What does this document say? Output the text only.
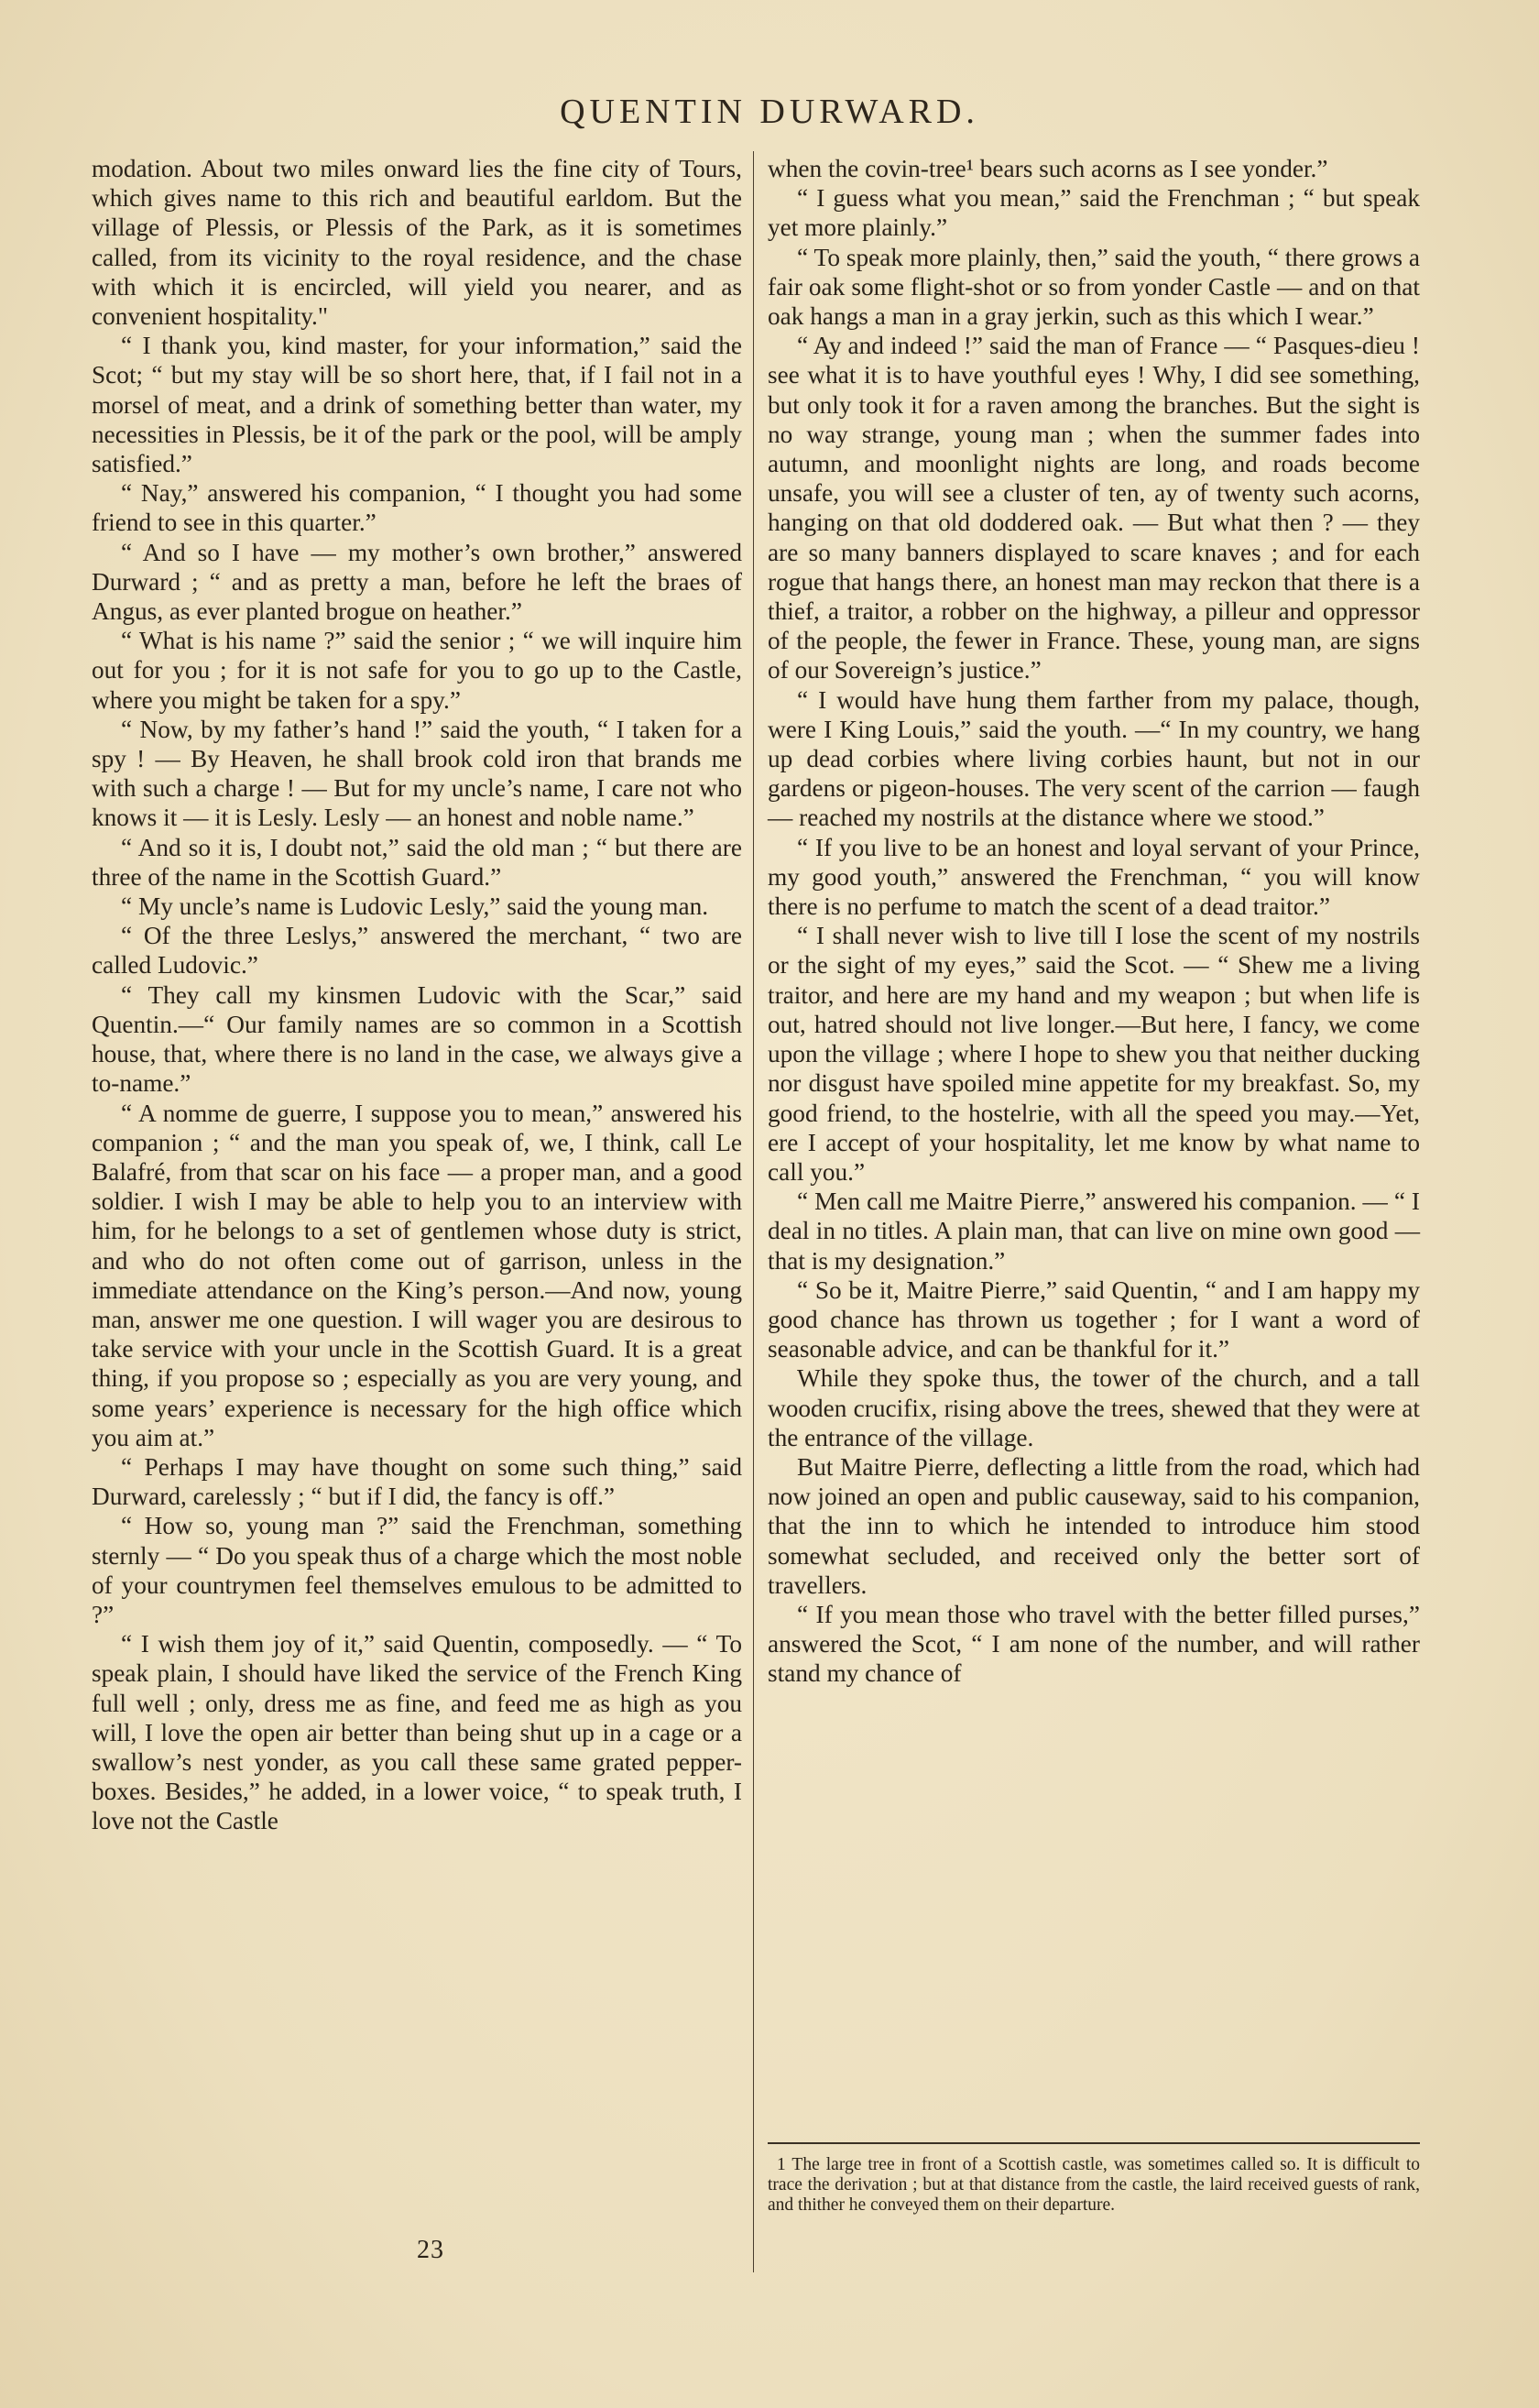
QUENTIN DURWARD.

modation. About two miles onward lies the fine city of Tours, which gives name to this rich and beautiful earldom. But the village of Plessis, or Plessis of the Park, as it is sometimes called, from its vicinity to the royal residence, and the chase with which it is encircled, will yield you nearer, and as convenient hospitality."

“ I thank you, kind master, for your information,” said the Scot; “ but my stay will be so short here, that, if I fail not in a morsel of meat, and a drink of something better than water, my necessities in Plessis, be it of the park or the pool, will be amply satisfied.”

“ Nay,” answered his companion, “ I thought you had some friend to see in this quarter.”

“ And so I have — my mother’s own brother,” answered Durward ; “ and as pretty a man, before he left the braes of Angus, as ever planted brogue on heather.”

“ What is his name ?” said the senior ; “ we will inquire him out for you ; for it is not safe for you to go up to the Castle, where you might be taken for a spy.”

“ Now, by my father’s hand !” said the youth, “ I taken for a spy ! — By Heaven, he shall brook cold iron that brands me with such a charge ! — But for my uncle’s name, I care not who knows it — it is Lesly. Lesly — an honest and noble name.”

“ And so it is, I doubt not,” said the old man ; “ but there are three of the name in the Scottish Guard.”

“ My uncle’s name is Ludovic Lesly,” said the young man.

“ Of the three Leslys,” answered the merchant, “ two are called Ludovic.”

“ They call my kinsmen Ludovic with the Scar,” said Quentin.—“ Our family names are so common in a Scottish house, that, where there is no land in the case, we always give a to-name.”

“ A nomme de guerre, I suppose you to mean,” answered his companion ; “ and the man you speak of, we, I think, call Le Balafré, from that scar on his face — a proper man, and a good soldier. I wish I may be able to help you to an interview with him, for he belongs to a set of gentlemen whose duty is strict, and who do not often come out of garrison, unless in the immediate attendance on the King’s person.—And now, young man, answer me one question. I will wager you are desirous to take service with your uncle in the Scottish Guard. It is a great thing, if you propose so ; especially as you are very young, and some years’ experience is necessary for the high office which you aim at.”

“ Perhaps I may have thought on some such thing,” said Durward, carelessly ; “ but if I did, the fancy is off.”

“ How so, young man ?” said the Frenchman, something sternly — “ Do you speak thus of a charge which the most noble of your countrymen feel themselves emulous to be admitted to ?”

“ I wish them joy of it,” said Quentin, composedly. — “ To speak plain, I should have liked the service of the French King full well ; only, dress me as fine, and feed me as high as you will, I love the open air better than being shut up in a cage or a swallow’s nest yonder, as you call these same grated pepper-boxes. Besides,” he added, in a lower voice, “ to speak truth, I love not the Castle

when the covin-tree¹ bears such acorns as I see yonder.”

“ I guess what you mean,” said the Frenchman ; “ but speak yet more plainly.”

“ To speak more plainly, then,” said the youth, “ there grows a fair oak some flight-shot or so from yonder Castle — and on that oak hangs a man in a gray jerkin, such as this which I wear.”

“ Ay and indeed !” said the man of France — “ Pasques-dieu ! see what it is to have youthful eyes ! Why, I did see something, but only took it for a raven among the branches. But the sight is no way strange, young man ; when the summer fades into autumn, and moonlight nights are long, and roads become unsafe, you will see a cluster of ten, ay of twenty such acorns, hanging on that old doddered oak. — But what then ? — they are so many banners displayed to scare knaves ; and for each rogue that hangs there, an honest man may reckon that there is a thief, a traitor, a robber on the highway, a pilleur and oppressor of the people, the fewer in France. These, young man, are signs of our Sovereign’s justice.”

“ I would have hung them farther from my palace, though, were I King Louis,” said the youth. —“ In my country, we hang up dead corbies where living corbies haunt, but not in our gardens or pigeon-houses. The very scent of the carrion — faugh — reached my nostrils at the distance where we stood.”

“ If you live to be an honest and loyal servant of your Prince, my good youth,” answered the Frenchman, “ you will know there is no perfume to match the scent of a dead traitor.”

“ I shall never wish to live till I lose the scent of my nostrils or the sight of my eyes,” said the Scot. — “ Shew me a living traitor, and here are my hand and my weapon ; but when life is out, hatred should not live longer.—But here, I fancy, we come upon the village ; where I hope to shew you that neither ducking nor disgust have spoiled mine appetite for my breakfast. So, my good friend, to the hostelrie, with all the speed you may.—Yet, ere I accept of your hospitality, let me know by what name to call you.”

“ Men call me Maitre Pierre,” answered his companion. — “ I deal in no titles. A plain man, that can live on mine own good — that is my designation.”

“ So be it, Maitre Pierre,” said Quentin, “ and I am happy my good chance has thrown us together ; for I want a word of seasonable advice, and can be thankful for it.”

While they spoke thus, the tower of the church, and a tall wooden crucifix, rising above the trees, shewed that they were at the entrance of the village.

But Maitre Pierre, deflecting a little from the road, which had now joined an open and public causeway, said to his companion, that the inn to which he intended to introduce him stood somewhat secluded, and received only the better sort of travellers.

“ If you mean those who travel with the better filled purses,” answered the Scot, “ I am none of the number, and will rather stand my chance of

1 The large tree in front of a Scottish castle, was sometimes called so. It is difficult to trace the derivation ; but at that distance from the castle, the laird received guests of rank, and thither he conveyed them on their departure.

23
